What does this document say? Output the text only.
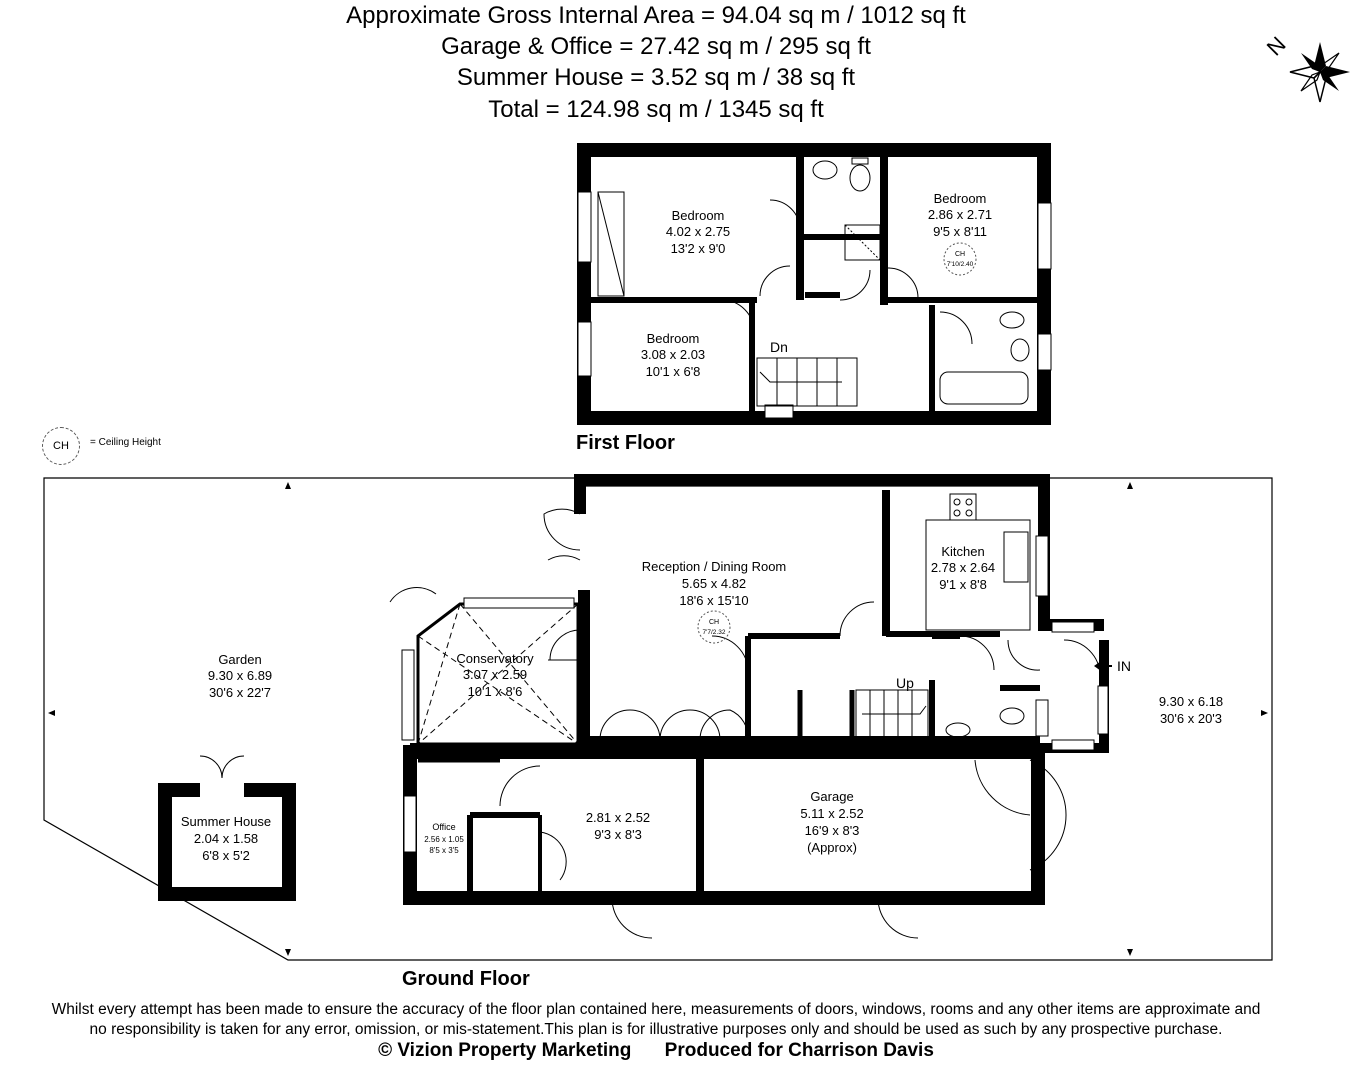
Approximate Gross Internal Area = 94.04 sq m / 1012 sq ft
Garage & Office = 27.42 sq m / 295 sq ft
Summer House = 3.52 sq m / 38 sq ft
Total = 124.98 sq m / 1345 sq ft
N
Bedroom
4.02 x 2.75
13'2 x 9'0
Bedroom
2.86 x 2.71
9'5 x 8'11
Bedroom
3.08 x 2.03
10'1 x 6'8
CH
7'10/2.40
Dn
Reception / Dining Room
5.65 x 4.82
18'6 x 15'10
Kitchen
2.78 x 2.64
9'1 x 8'8
Conservatory
3.07 x 2.59
10'1 x 8'6
Garden
9.30 x 6.89
30'6 x 22'7
9.30 x 6.18
30'6 x 20'3
Summer House
2.04 x 1.58
6'8 x 5'2
2.81 x 2.52
9'3 x 8'3
Garage
5.11 x 2.52
16'9 x 8'3
(Approx)
Office
2.56 x 1.05
8'5 x 3'5
CH
7'7/2.32
Up
IN
CH	= Ceiling Height	First Floor
Ground Floor
Whilst every attempt has been made to ensure the accuracy of the floor plan contained here, measurements of doors, windows, rooms and any other items are approximate and
no responsibility is taken for any error, omission, or mis-statement.This plan is for illustrative purposes only and should be used as such by any prospective purchase.
© Vizion Property Marketing Produced for Charrison Davis
